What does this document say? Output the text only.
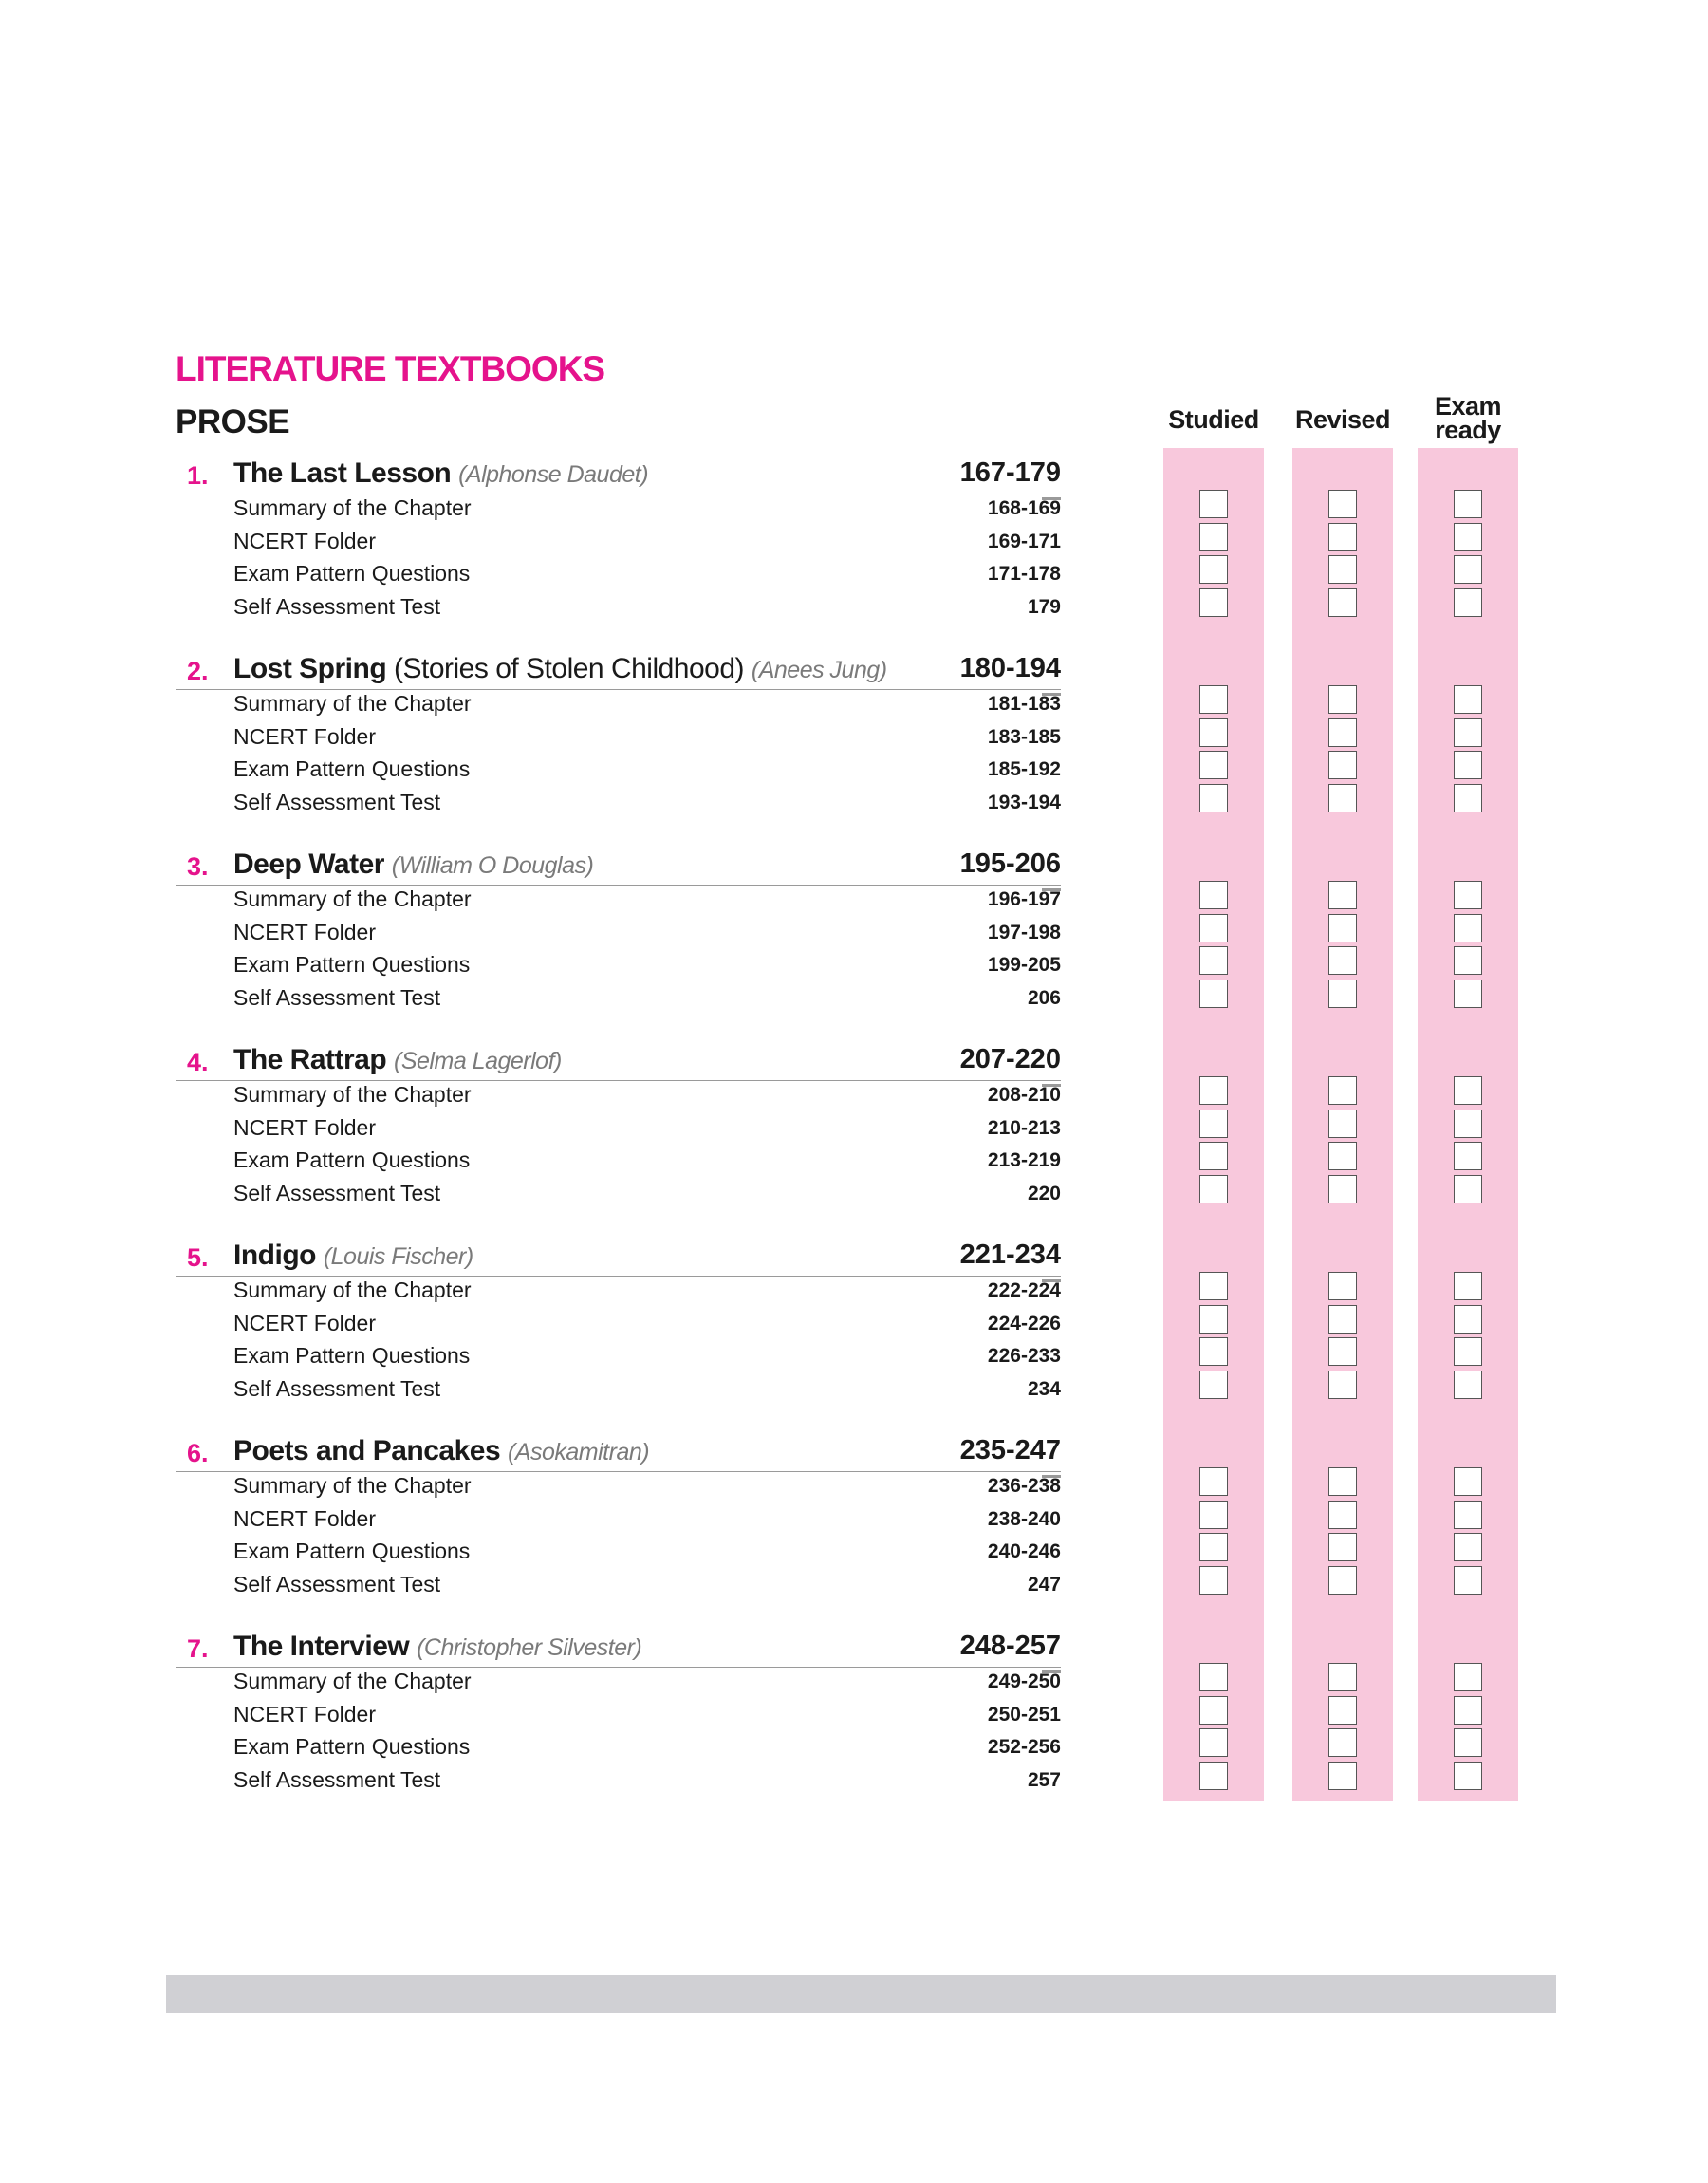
LITERATURE TEXTBOOKS
PROSE	Studied	Revised	Exam
ready
1. The Last Lesson (Alphonse Daudet)	167-179
Summary of the Chapter	168-169
NCERT Folder	169-171
Exam Pattern Questions	171-178
Self Assessment Test	179
2. Lost Spring (Stories of Stolen Childhood) (Anees Jung)	180-194
Summary of the Chapter	181-183
NCERT Folder	183-185
Exam Pattern Questions	185-192
Self Assessment Test	193-194
3. Deep Water (William O Douglas)	195-206
Summary of the Chapter	196-197
NCERT Folder	197-198
Exam Pattern Questions	199-205
Self Assessment Test	206
4. The Rattrap (Selma Lagerlof)	207-220
Summary of the Chapter	208-210
NCERT Folder	210-213
Exam Pattern Questions	213-219
Self Assessment Test	220
5. Indigo (Louis Fischer)	221-234
Summary of the Chapter	222-224
NCERT Folder	224-226
Exam Pattern Questions	226-233
Self Assessment Test	234
6. Poets and Pancakes (Asokamitran)	235-247
Summary of the Chapter	236-238
NCERT Folder	238-240
Exam Pattern Questions	240-246
Self Assessment Test	247
7. The Interview (Christopher Silvester)	248-257
Summary of the Chapter	249-250
NCERT Folder	250-251
Exam Pattern Questions	252-256
Self Assessment Test	257
